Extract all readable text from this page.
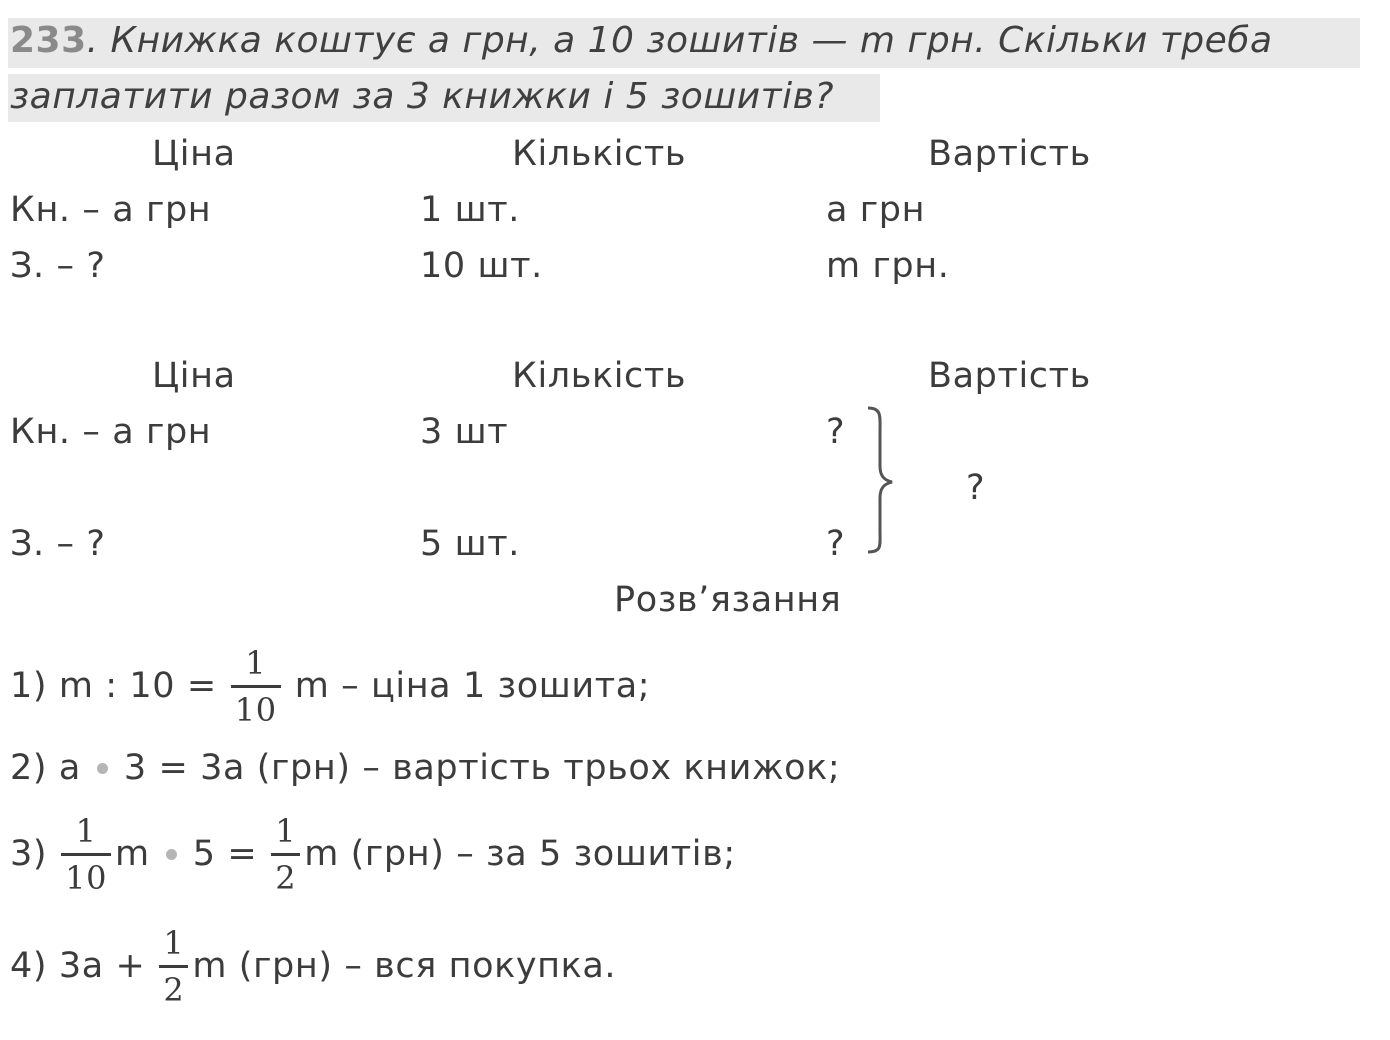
233. Книжка коштує a грн, а 10 зошитів — m грн. Скільки треба
заплатити разом за 3 книжки і 5 зошитів?
Ціна	Кількість	Вартість
Кн. – а грн	1 шт.	а грн
З. – ?	10 шт.	m грн.
Ціна	Кількість	Вартість
Кн. – а грн	3 шт	?
З. – ?	5 шт.	?
?
Розв’язання
1) m : $10 = \frac{1}{10}$ m – ціна 1 зошита;
2) a 3 = 3a (грн) – вартість трьох книжок;
$3) \frac{1}{10}$ m $5 = \frac{1}{2}$ m (грн) – за 5 зошитів;
4) $3a + \frac{1}{2}$ m (грн) – вся покупка.
